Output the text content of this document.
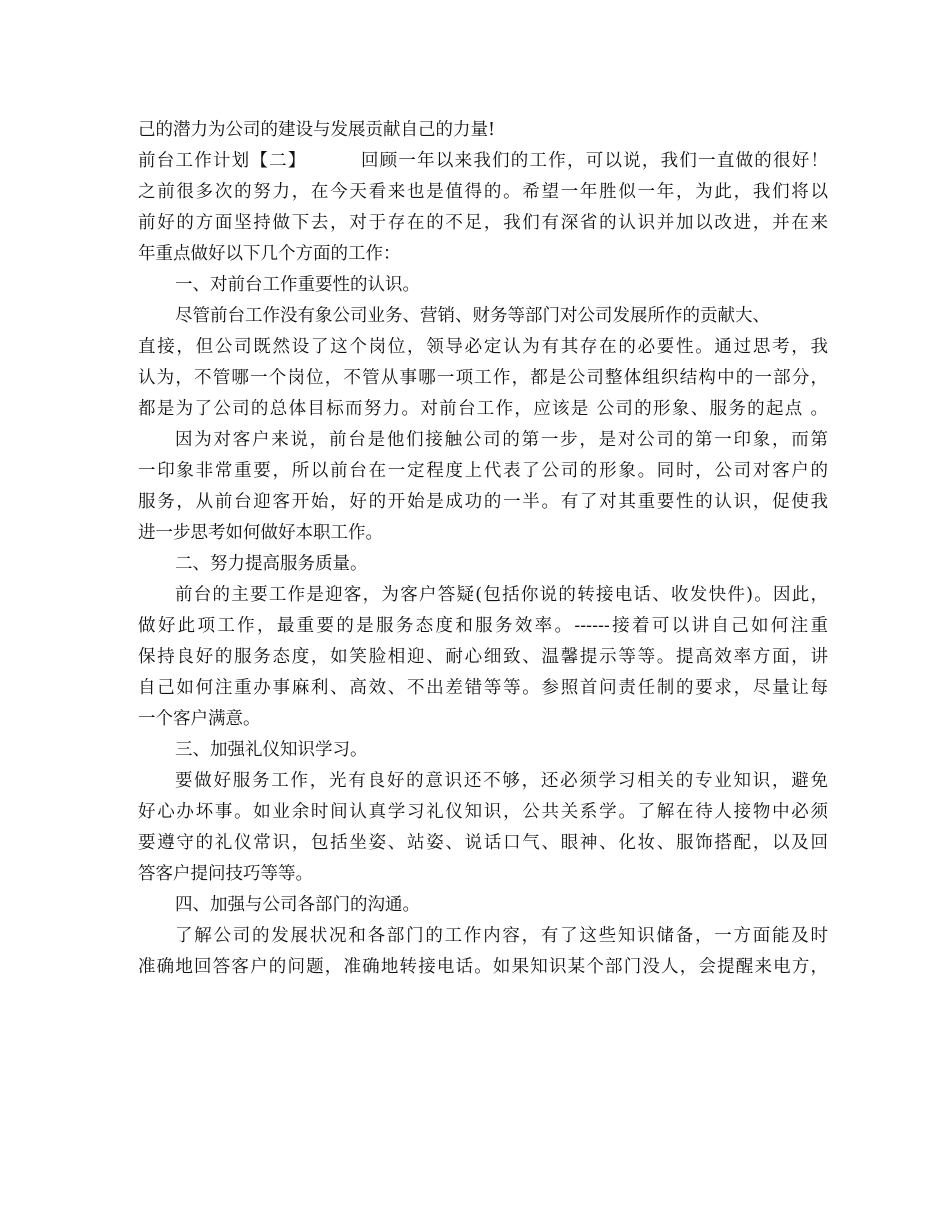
己的潜力为公司的建设与发展贡献自己的力量!
前台工作计划【二】        回顾一年以来我们的工作，可以说，我们一直做的很好！
之前很多次的努力，在今天看来也是值得的。希望一年胜似一年，为此，我们将以
前好的方面坚持做下去，对于存在的不足，我们有深省的认识并加以改进，并在来
年重点做好以下几个方面的工作：
一、对前台工作重要性的认识。
尽管前台工作没有象公司业务、营销、财务等部门对公司发展所作的贡献大、
直接，但公司既然设了这个岗位，领导必定认为有其存在的必要性。通过思考，我
认为，不管哪一个岗位，不管从事哪一项工作，都是公司整体组织结构中的一部分，
都是为了公司的总体目标而努力。对前台工作，应该是 公司的形象、服务的起点 。
因为对客户来说，前台是他们接触公司的第一步，是对公司的第一印象，而第
一印象非常重要，所以前台在一定程度上代表了公司的形象。同时，公司对客户的
服务，从前台迎客开始，好的开始是成功的一半。有了对其重要性的认识，促使我
进一步思考如何做好本职工作。
二、努力提高服务质量。
前台的主要工作是迎客，为客户答疑(包括你说的转接电话、收发快件)。因此，
做好此项工作，最重要的是服务态度和服务效率。------接着可以讲自己如何注重
保持良好的服务态度，如笑脸相迎、耐心细致、温馨提示等等。提高效率方面，讲
自己如何注重办事麻利、高效、不出差错等等。参照首问责任制的要求，尽量让每
一个客户满意。
三、加强礼仪知识学习。
要做好服务工作，光有良好的意识还不够，还必须学习相关的专业知识，避免
好心办坏事。如业余时间认真学习礼仪知识，公共关系学。了解在待人接物中必须
要遵守的礼仪常识，包括坐姿、站姿、说话口气、眼神、化妆、服饰搭配，以及回
答客户提问技巧等等。
四、加强与公司各部门的沟通。
了解公司的发展状况和各部门的工作内容，有了这些知识储备，一方面能及时
准确地回答客户的问题，准确地转接电话。如果知识某个部门没人，会提醒来电方，
